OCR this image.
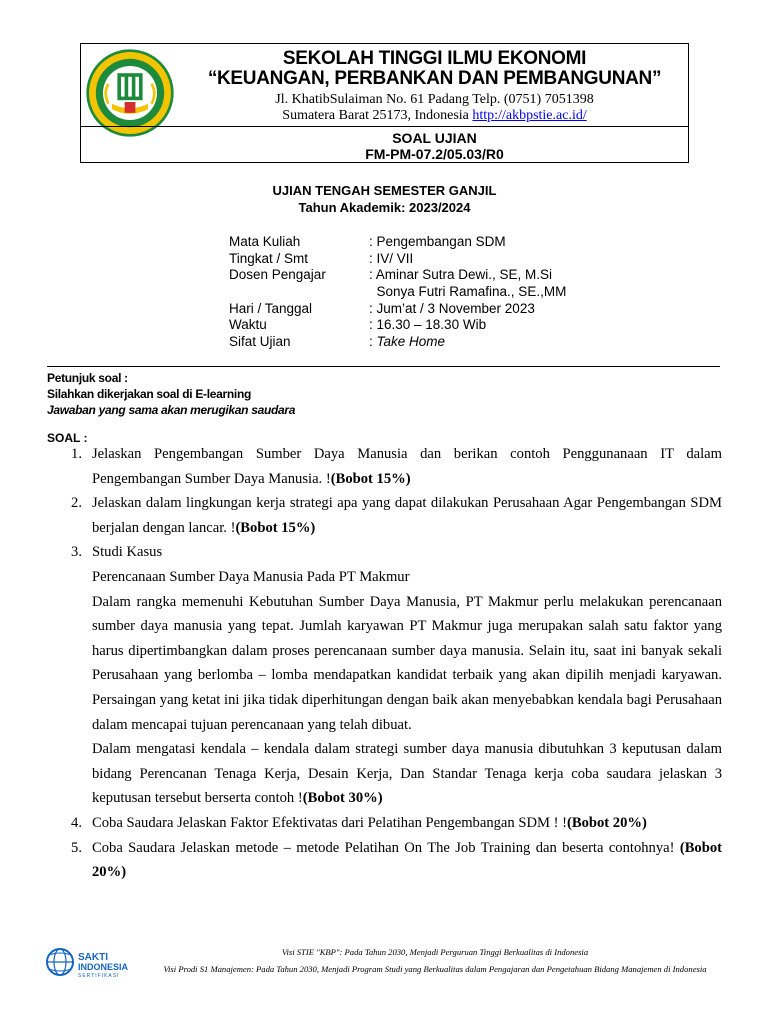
SEKOLAH TINGGI ILMU EKONOMI
“KEUANGAN, PERBANKAN DAN PEMBANGUNAN”
Jl. KhatibSulaiman No. 61 Padang Telp. (0751) 7051398
Sumatera Barat 25173, Indonesia http://akbpstie.ac.id/
SOAL UJIAN
FM-PM-07.2/05.03/R0
UJIAN TENGAH SEMESTER GANJIL
Tahun Akademik: 2023/2024
Mata Kuliah	: Pengembangan SDM
Tingkat / Smt	: IV/ VII
Dosen Pengajar	: Aminar Sutra Dewi., SE, M.Si
Sonya Futri Ramafina., SE.,MM
Hari / Tanggal	: Jum’at / 3 November 2023
Waktu	: 16.30 – 18.30 Wib
Sifat Ujian	: Take Home
Petunjuk soal :
Silahkan dikerjakan soal di E-learning
Jawaban yang sama akan merugikan saudara
SOAL :
1. Jelaskan Pengembangan Sumber Daya Manusia dan berikan contoh Penggunanaan IT dalam Pengembangan Sumber Daya Manusia. !(Bobot 15%)
2. Jelaskan dalam lingkungan kerja strategi apa yang dapat dilakukan Perusahaan Agar Pengembangan SDM berjalan dengan lancar. !(Bobot 15%)
3. Studi Kasus

Perencanaan Sumber Daya Manusia Pada PT Makmur

Dalam rangka memenuhi Kebutuhan Sumber Daya Manusia, PT Makmur perlu melakukan perencanaan sumber daya manusia yang tepat. Jumlah karyawan PT Makmur juga merupakan salah satu faktor yang harus dipertimbangkan dalam proses perencanaan sumber daya manusia. Selain itu, saat ini banyak sekali Perusahaan yang berlomba – lomba mendapatkan kandidat terbaik yang akan dipilih menjadi karyawan. Persaingan yang ketat ini jika tidak diperhitungan dengan baik akan menyebabkan kendala bagi Perusahaan dalam mencapai tujuan perencanaan yang telah dibuat.

Dalam mengatasi kendala – kendala dalam strategi sumber daya manusia dibutuhkan 3 keputusan dalam bidang Perencanan Tenaga Kerja, Desain Kerja, Dan Standar Tenaga kerja coba saudara jelaskan 3 keputusan tersebut berserta contoh !(Bobot 30%)

4. Coba Saudara Jelaskan Faktor Efektivatas dari Pelatihan Pengembangan SDM ! !(Bobot 20%)
5. Coba Saudara Jelaskan metode – metode Pelatihan On The Job Training dan beserta contohnya! (Bobot 20%)
SAKTI
INDONESIA
SERTIFIKASI
Visi STIE "KBP": Pada Tahun 2030, Menjadi Perguruan Tinggi Berkualitas di Indonesia
Visi Prodi S1 Manajemen: Pada Tahun 2030, Menjadi Program Studi yang Berkualitas dalam Pengajaran dan Pengetahuan Bidang Manajemen di Indonesia
